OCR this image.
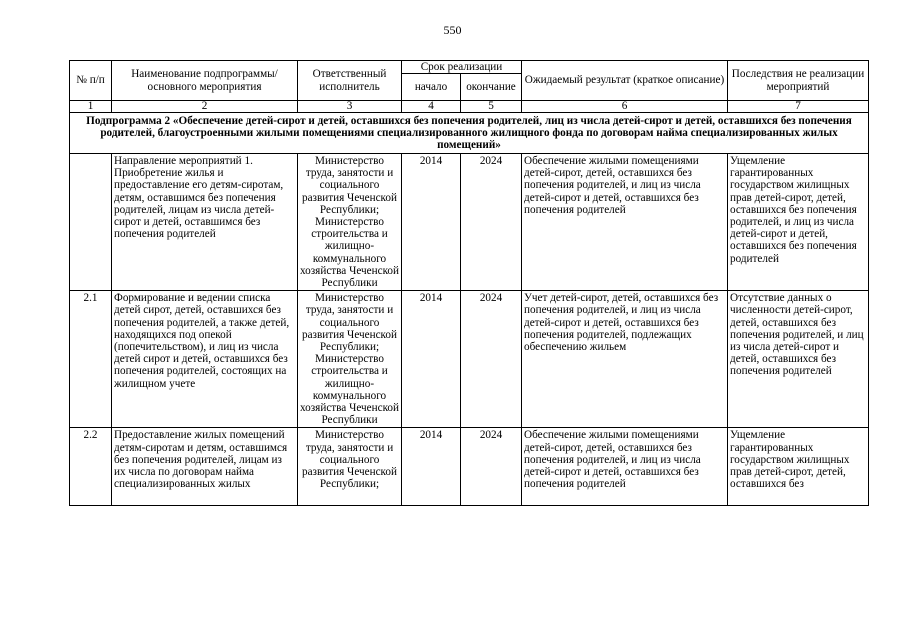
550
№ п/п	Наименование подпрограммы/ основного мероприятия	Ответственный исполнитель	Срок реализации		Ожидаемый результат (краткое описание)	Последствия не реализации мероприятий
			начало	окончание		
1	2	3	4	5	6	7
Подпрограмма 2 «Обеспечение детей-сирот и детей, оставшихся без попечения родителей, лиц из числа детей-сирот и детей, оставшихся без попечения родителей, благоустроенными жилыми помещениями специализированного жилищного фонда по договорам найма специализированных жилых помещений»						
	Направление мероприятий 1. Приобретение жилья и предоставление его детям-сиротам, детям, оставшимся без попечения родителей, лицам из числа детей-сирот и детей, оставшимся без попечения родителей	Министерство труда, занятости и социального развития Чеченской Республики; Министерство строительства и жилищно-коммунального хозяйства Чеченской Республики	2014	2024	Обеспечение жилыми помещениями детей-сирот, детей, оставшихся без попечения родителей, и лиц из числа детей-сирот и детей, оставшихся без попечения родителей	Ущемление гарантированных государством жилищных прав детей-сирот, детей, оставшихся без попечения родителей, и лиц из числа детей-сирот и детей, оставшихся без попечения родителей
2.1	Формирование и ведении списка детей сирот, детей, оставшихся без попечения родителей, а также детей, находящихся под опекой (попечительством), и лиц из числа детей сирот и детей, оставшихся без попечения родителей, состоящих на жилищном учете	Министерство труда, занятости и социального развития Чеченской Республики; Министерство строительства и жилищно-коммунального хозяйства Чеченской Республики	2014	2024	Учет детей-сирот, детей, оставшихся без попечения родителей, и лиц из числа детей-сирот и детей, оставшихся без попечения родителей, подлежащих обеспечению жильем	Отсутствие данных о численности детей-сирот, детей, оставшихся без попечения родителей, и лиц из числа детей-сирот и детей, оставшихся без попечения родителей
2.2	Предоставление жилых помещений детям-сиротам и детям, оставшимся без попечения родителей, лицам из их числа по договорам найма специализированных жилых	Министерство труда, занятости и социального развития Чеченской Республики;	2014	2024	Обеспечение жилыми помещениями детей-сирот, детей, оставшихся без попечения родителей, и лиц из числа детей-сирот и детей, оставшихся без попечения родителей	Ущемление гарантированных государством жилищных прав детей-сирот, детей, оставшихся без
